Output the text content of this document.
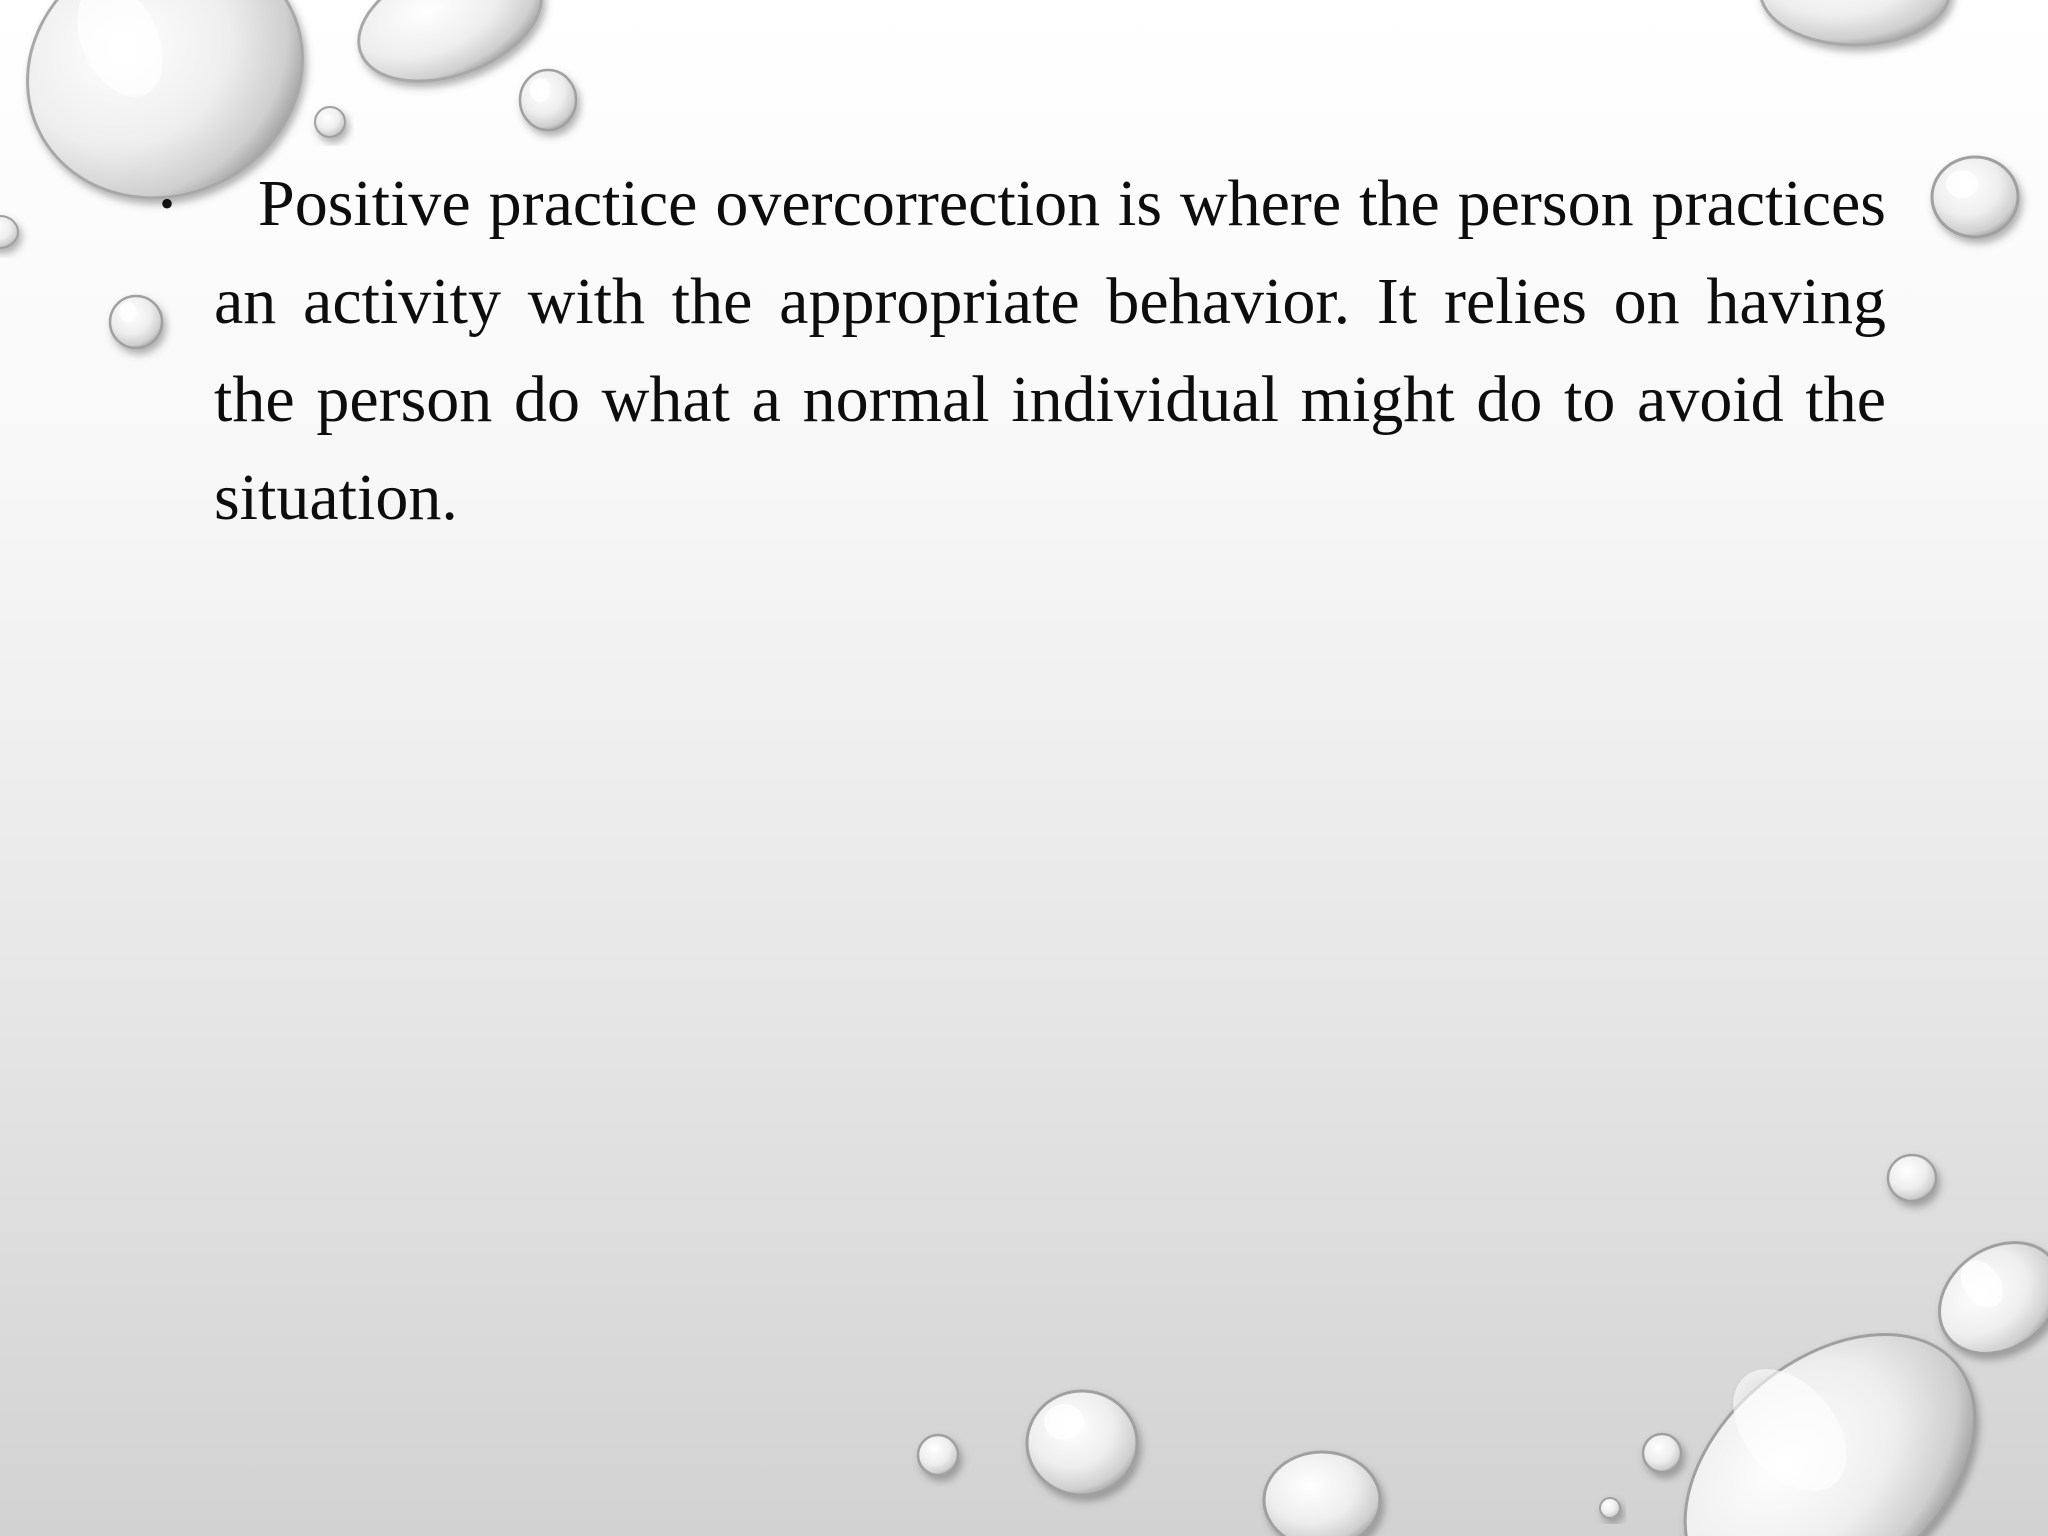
•	Positive practice overcorrection is where the person practices an activity with the appropriate behavior. It relies on having the person do what a normal individual might do to avoid the situation.
